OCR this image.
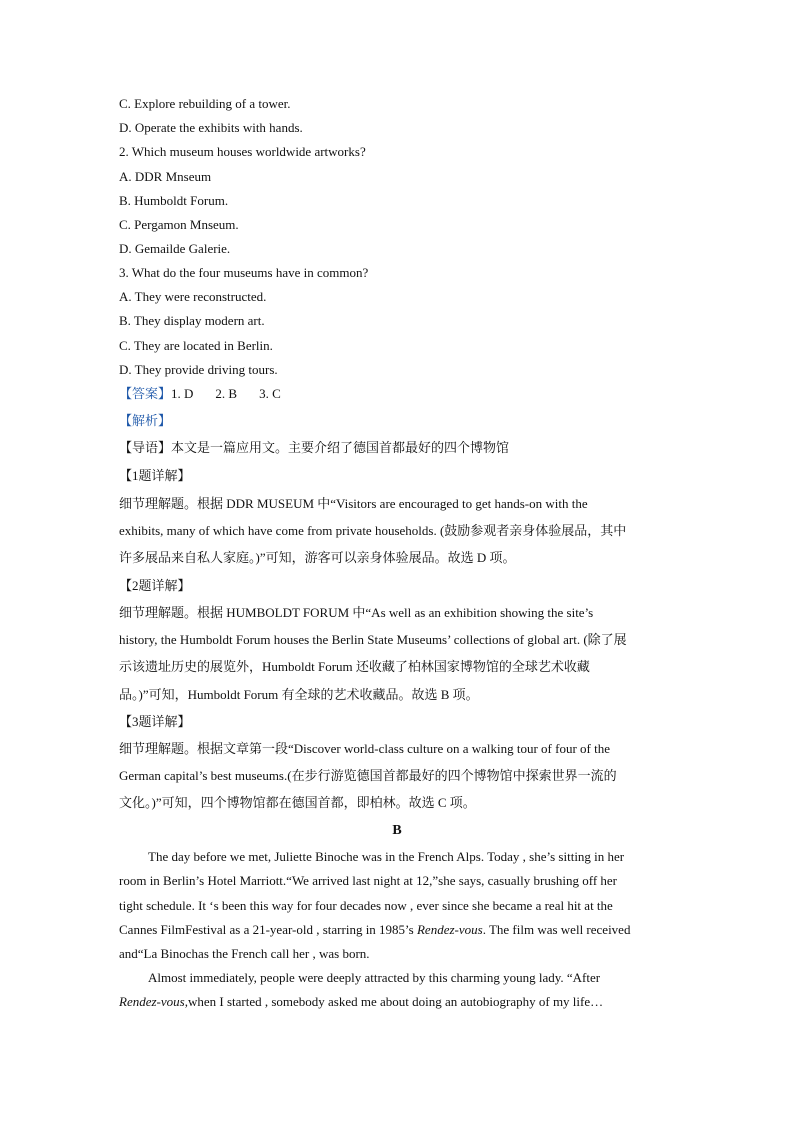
C. Explore rebuilding of a tower.
D. Operate the exhibits with hands.
2. Which museum houses worldwide artworks?
A. DDR Mnseum
B. Humboldt Forum.
C. Pergamon Mnseum.
D. Gemailde Galerie.
3. What do the four museums have in common?
A. They were reconstructed.
B. They display modern art.
C. They are located in Berlin.
D. They provide driving tours.
【答案】1. D 2. B 3. C
【解析】
【导语】本文是一篇应用文。主要介绍了德国首都最好的四个博物馆
【1题详解】
细节理解题。根据 DDR MUSEUM 中“Visitors are encouraged to get hands-on with the
exhibits, many of which have come from private households. (鼓励参观者亲身体验展品，其中
许多展品来自私人家庭。)”可知，游客可以亲身体验展品。故选 D 项。
【2题详解】
细节理解题。根据 HUMBOLDT FORUM 中“As well as an exhibition showing the site’s
history, the Humboldt Forum houses the Berlin State Museums’ collections of global art. (除了展
示该遗址历史的展览外，Humboldt Forum 还收藏了柏林国家博物馆的全球艺术收藏
品。)”可知，Humboldt Forum 有全球的艺术收藏品。故选 B 项。
【3题详解】
细节理解题。根据文章第一段“Discover world-class culture on a walking tour of four of the
German capital’s best museums.(在步行游览德国首都最好的四个博物馆中探索世界一流的
文化。)”可知，四个博物馆都在德国首都，即柏林。故选 C 项。
B
The day before we met, Juliette Binoche was in the French Alps. Today , she’s sitting in her
room in Berlin’s Hotel Marriott.“We arrived last night at 12,”she says, casually brushing off her
tight schedule. It ‘s been this way for four decades now , ever since she became a real hit at the
Cannes FilmFestival as a 21-year-old , starring in 1985’s Rendez-vous. The film was well received
and“La Binochas the French call her , was born.
Almost immediately, people were deeply attracted by this charming young lady. “After
Rendez-vous,when I started , somebody asked me about doing an autobiography of my life…
